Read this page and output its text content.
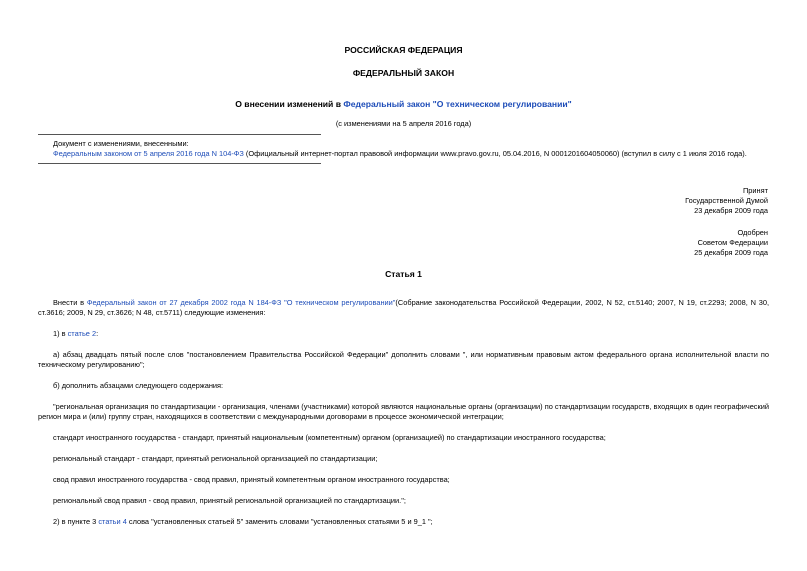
РОССИЙСКАЯ ФЕДЕРАЦИЯ
ФЕДЕРАЛЬНЫЙ ЗАКОН
О внесении изменений в Федеральный закон "О техническом регулировании"
(с изменениями на 5 апреля 2016 года)
Документ с изменениями, внесенными:
Федеральным законом от 5 апреля 2016 года N 104-ФЗ (Официальный интернет-портал правовой информации www.pravo.gov.ru, 05.04.2016, N 0001201604050060) (вступил в силу с 1 июля 2016 года).
Принят
Государственной Думой
23 декабря 2009 года
Одобрен
Советом Федерации
25 декабря 2009 года
Статья 1
Внести в Федеральный закон от 27 декабря 2002 года N 184-ФЗ "О техническом регулировании"(Собрание законодательства Российской Федерации, 2002, N 52, ст.5140; 2007, N 19, ст.2293; 2008, N 30, ст.3616; 2009, N 29, ст.3626; N 48, ст.5711) следующие изменения:
1) в статье 2:
а) абзац двадцать пятый после слов "постановлением Правительства Российской Федерации" дополнить словами ", или нормативным правовым актом федерального органа исполнительной власти по техническому регулированию";
б) дополнить абзацами следующего содержания:
"региональная организация по стандартизации - организация, членами (участниками) которой являются национальные органы (организации) по стандартизации государств, входящих в один географический регион мира и (или) группу стран, находящихся в соответствии с международными договорами в процессе экономической интеграции;
стандарт иностранного государства - стандарт, принятый национальным (компетентным) органом (организацией) по стандартизации иностранного государства;
региональный стандарт - стандарт, принятый региональной организацией по стандартизации;
свод правил иностранного государства - свод правил, принятый компетентным органом иностранного государства;
региональный свод правил - свод правил, принятый региональной организацией по стандартизации.";
2) в пункте 3 статьи 4 слова "установленных статьей 5" заменить словами "установленных статьями 5 и 9_1 ";
